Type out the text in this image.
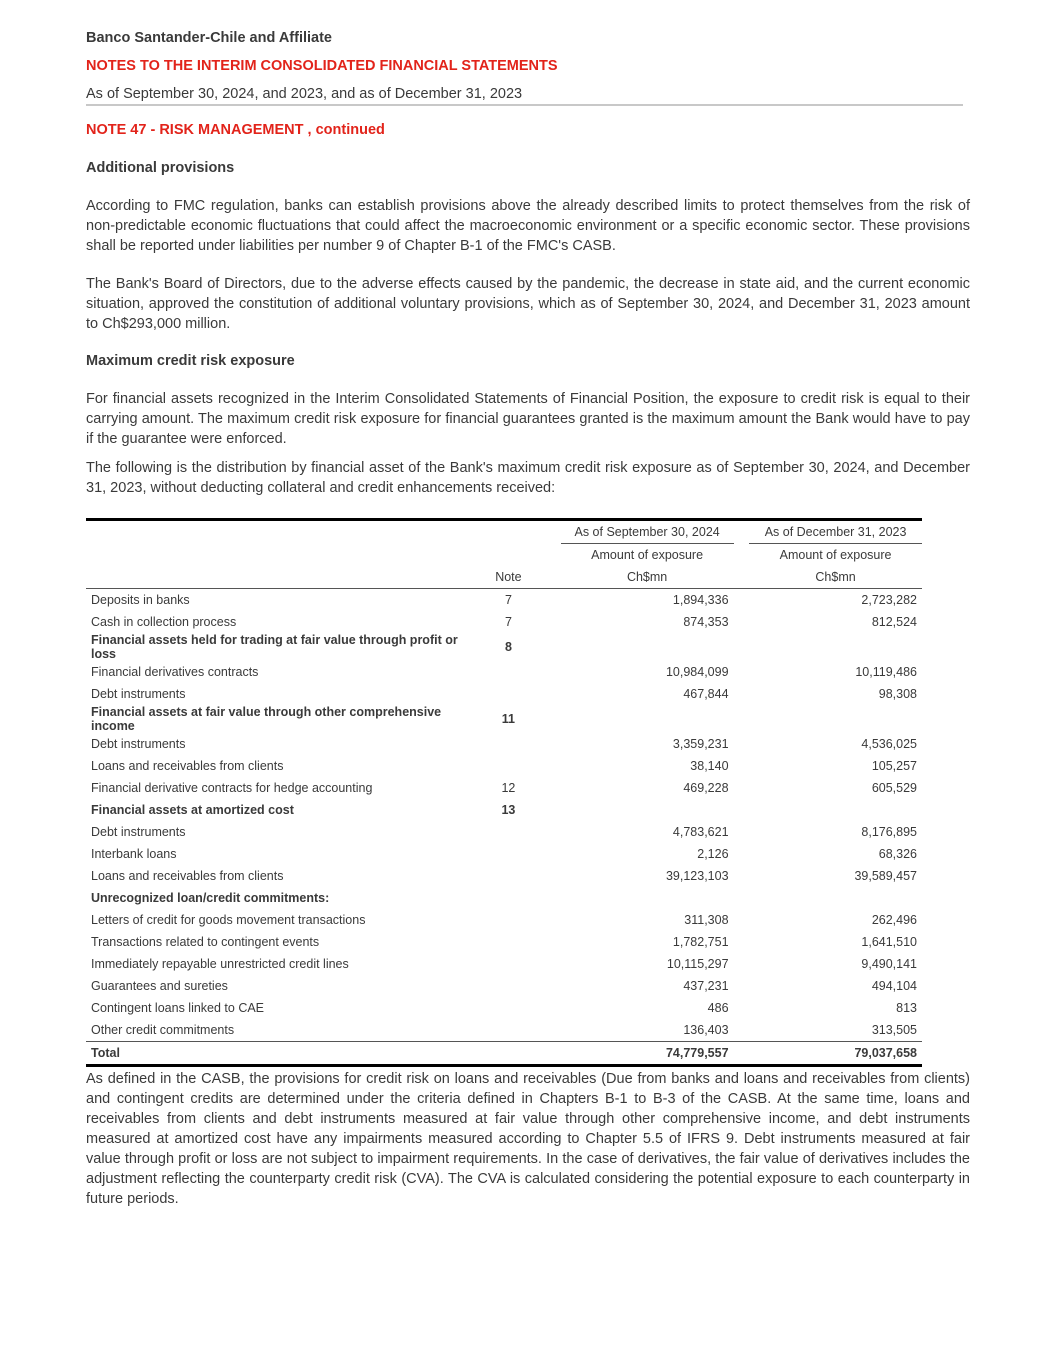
Banco Santander-Chile and Affiliate
NOTES TO THE INTERIM CONSOLIDATED FINANCIAL STATEMENTS
As of September 30, 2024, and 2023, and as of December 31, 2023
NOTE 47 - RISK MANAGEMENT , continued
Additional provisions
According to FMC regulation, banks can establish provisions above the already described limits to protect themselves from the risk of non-predictable economic fluctuations that could affect the macroeconomic environment or a specific economic sector. These provisions shall be reported under liabilities per number 9 of Chapter B-1 of the FMC's CASB.
The Bank's Board of Directors, due to the adverse effects caused by the pandemic, the decrease in state aid, and the current economic situation, approved the constitution of additional voluntary provisions, which as of September 30, 2024, and December 31, 2023 amount to Ch$293,000 million.
Maximum credit risk exposure
For financial assets recognized in the Interim Consolidated Statements of Financial Position, the exposure to credit risk is equal to their carrying amount. The maximum credit risk exposure for financial guarantees granted is the maximum amount the Bank would have to pay if the guarantee were enforced.
The following is the distribution by financial asset of the Bank's maximum credit risk exposure as of September 30, 2024, and December 31, 2023, without deducting collateral and credit enhancements received:
			As of September 30, 2024		As of December 31, 2023
			Amount of exposure		Amount of exposure
	Note		Ch$mn		Ch$mn
Deposits in banks	7		1,894,336		2,723,282
Cash in collection process	7		874,353		812,524
Financial assets held for trading at fair value through profit or loss	8				
Financial derivatives contracts			10,984,099		10,119,486
Debt instruments			467,844		98,308
Financial assets at fair value through other comprehensive income	11				
Debt instruments			3,359,231		4,536,025
Loans and receivables from clients			38,140		105,257
Financial derivative contracts for hedge accounting	12		469,228		605,529
Financial assets at amortized cost	13				
Debt instruments			4,783,621		8,176,895
Interbank loans			2,126		68,326
Loans and receivables from clients			39,123,103		39,589,457
Unrecognized loan/credit commitments:					
Letters of credit for goods movement transactions			311,308		262,496
Transactions related to contingent events			1,782,751		1,641,510
Immediately repayable unrestricted credit lines			10,115,297		9,490,141
Guarantees and sureties			437,231		494,104
Contingent loans linked to CAE			486		813
Other credit commitments			136,403		313,505
Total			74,779,557		79,037,658
As defined in the CASB, the provisions for credit risk on loans and receivables (Due from banks and loans and receivables from clients) and contingent credits are determined under the criteria defined in Chapters B-1 to B-3 of the CASB. At the same time, loans and receivables from clients and debt instruments measured at fair value through other comprehensive income, and debt instruments measured at amortized cost have any impairments measured according to Chapter 5.5 of IFRS 9. Debt instruments measured at fair value through profit or loss are not subject to impairment requirements. In the case of derivatives, the fair value of derivatives includes the adjustment reflecting the counterparty credit risk (CVA). The CVA is calculated considering the potential exposure to each counterparty in future periods.
